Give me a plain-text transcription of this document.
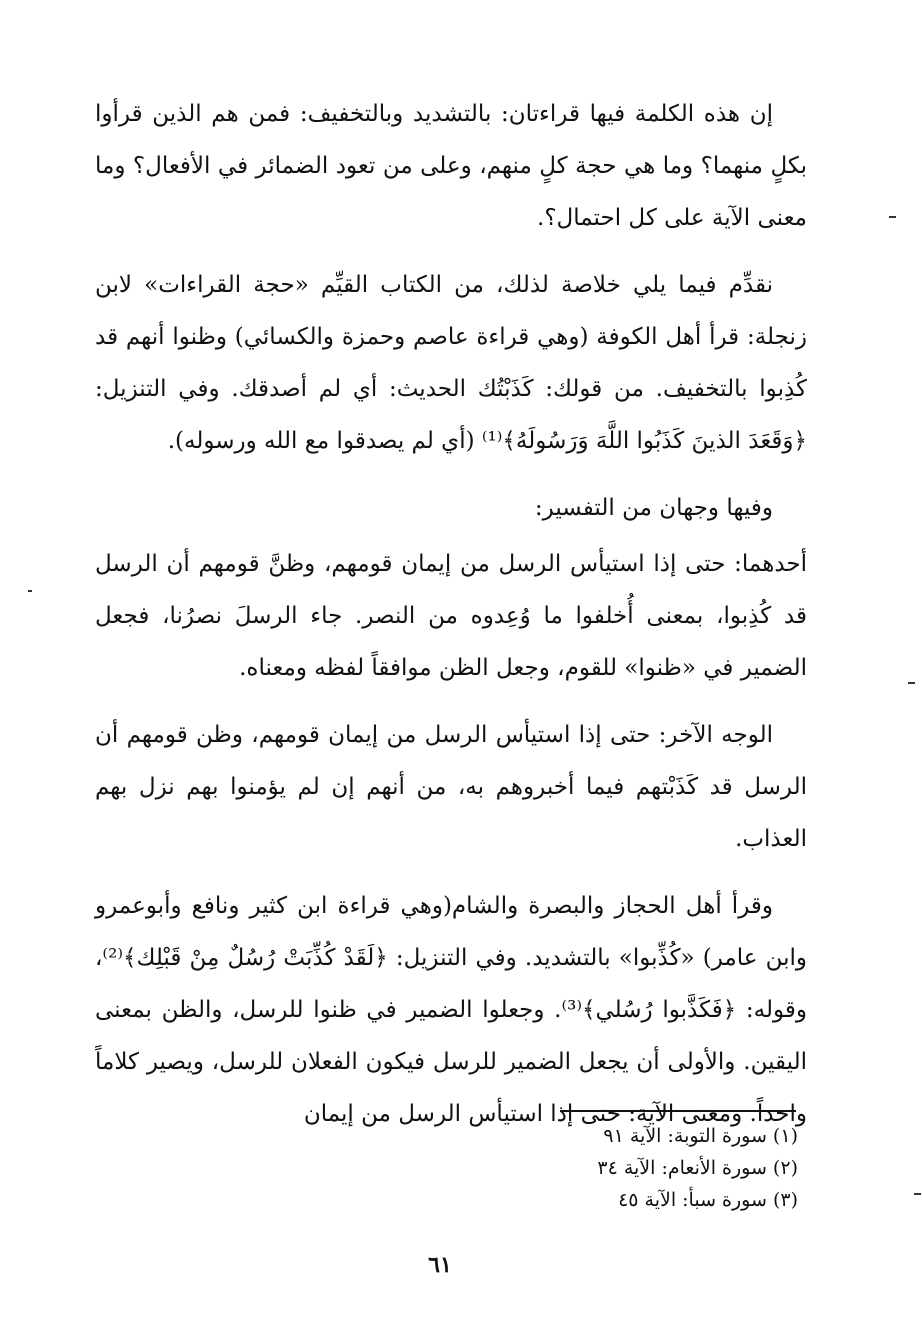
إن هذه الكلمة فيها قراءتان: بالتشديد وبالتخفيف: فمن هم الذين قرأوا بكلٍ منهما؟ وما هي حجة كلٍ منهم، وعلى من تعود الضمائر في الأفعال؟ وما معنى الآية على كل احتمال؟.

نقدِّم فيما يلي خلاصة لذلك، من الكتاب القيِّم «حجة القراءات» لابن زنجلة: قرأ أهل الكوفة (وهي قراءة عاصم وحمزة والكسائي) وظنوا أنهم قد كُذِبوا بالتخفيف. من قولك: كَذَبْتُك الحديث: أي لم أصدقك. وفي التنزيل: ﴿وَقَعَدَ الذينَ كَذَبُوا اللَّهَ وَرَسُولَهُ﴾⁽¹⁾ (أي لم يصدقوا مع الله ورسوله).

وفيها وجهان من التفسير:

أحدهما: حتى إذا استيأس الرسل من إيمان قومهم، وظنَّ قومهم أن الرسل قد كُذِبوا، بمعنى أُخلفوا ما وُعِدوه من النصر. جاء الرسلَ نصرُنا، فجعل الضمير في «ظنوا» للقوم، وجعل الظن موافقاً لفظه ومعناه.

الوجه الآخر: حتى إذا استيأس الرسل من إيمان قومهم، وظن قومهم أن الرسل قد كَذَبْتهم فيما أخبروهم به، من أنهم إن لم يؤمنوا بهم نزل بهم العذاب.

وقرأ أهل الحجاز والبصرة والشام(وهي قراءة ابن كثير ونافع وأبوعمرو وابن عامر) «كُذِّبوا» بالتشديد. وفي التنزيل: ﴿لَقَدْ كُذِّبَتْ رُسُلٌ مِنْ قَبْلِك﴾⁽²⁾، وقوله: ﴿فَكَذَّبوا رُسُلي﴾⁽³⁾. وجعلوا الضمير في ظنوا للرسل، والظن بمعنى اليقين. والأولى أن يجعل الضمير للرسل فيكون الفعلان للرسل، ويصير كلاماً واحداً. ومعنى الآية: حتى إذا استيأس الرسل من إيمان

(١) سورة التوبة: الآية ٩١

(٢) سورة الأنعام: الآية ٣٤

(٣) سورة سبأ: الآية ٤٥

٦١
